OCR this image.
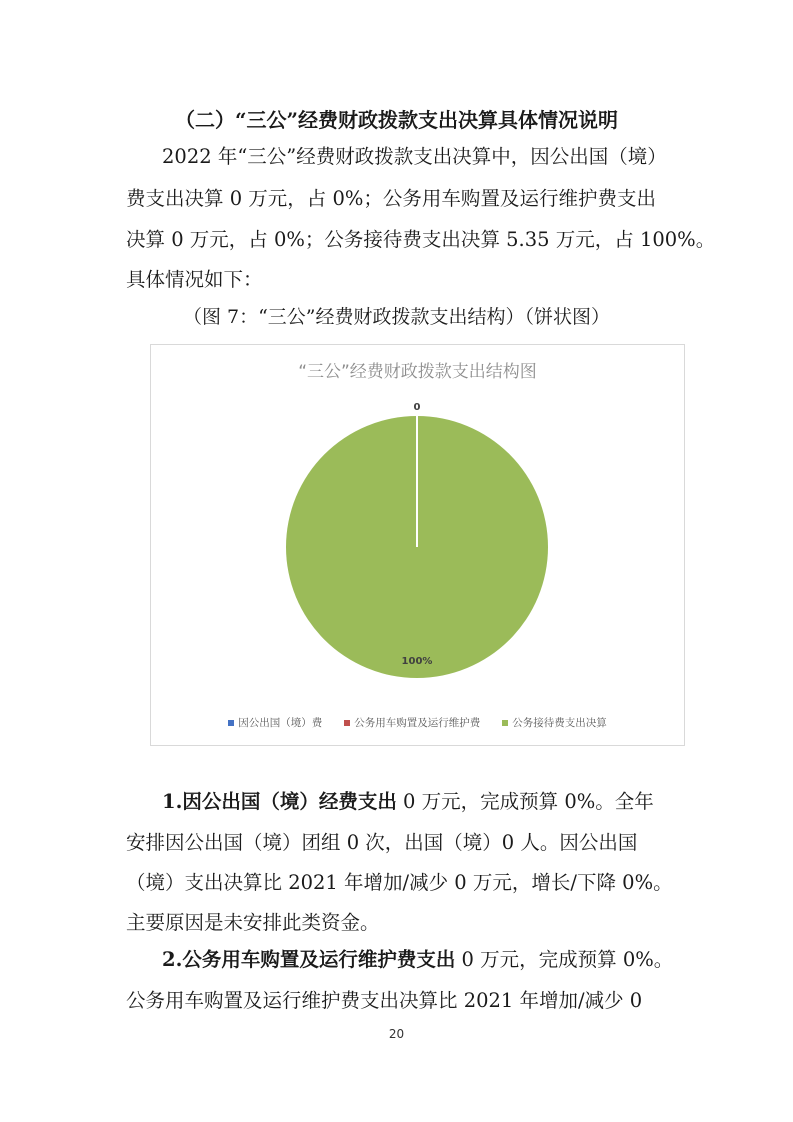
（二）“三公”经费财政拨款支出决算具体情况说明
2022 年“三公”经费财政拨款支出决算中，因公出国（境）
费支出决算 0 万元，占 0%；公务用车购置及运行维护费支出
决算 0 万元，占 0%；公务接待费支出决算 5.35 万元，占 100%。
具体情况如下：
（图 7：“三公”经费财政拨款支出结构）（饼状图）
“三公”经费财政拨款支出结构图
0
100%
因公出国（境）费	公务用车购置及运行维护费	公务接待费支出决算
1.因公出国（境）经费支出 0 万元，完成预算 0%。全年
安排因公出国（境）团组 0 次，出国（境）0 人。因公出国
（境）支出决算比 2021 年增加/减少 0 万元，增长/下降 0%。
主要原因是未安排此类资金。
2.公务用车购置及运行维护费支出 0 万元，完成预算 0%。
公务用车购置及运行维护费支出决算比 2021 年增加/减少 0
20
